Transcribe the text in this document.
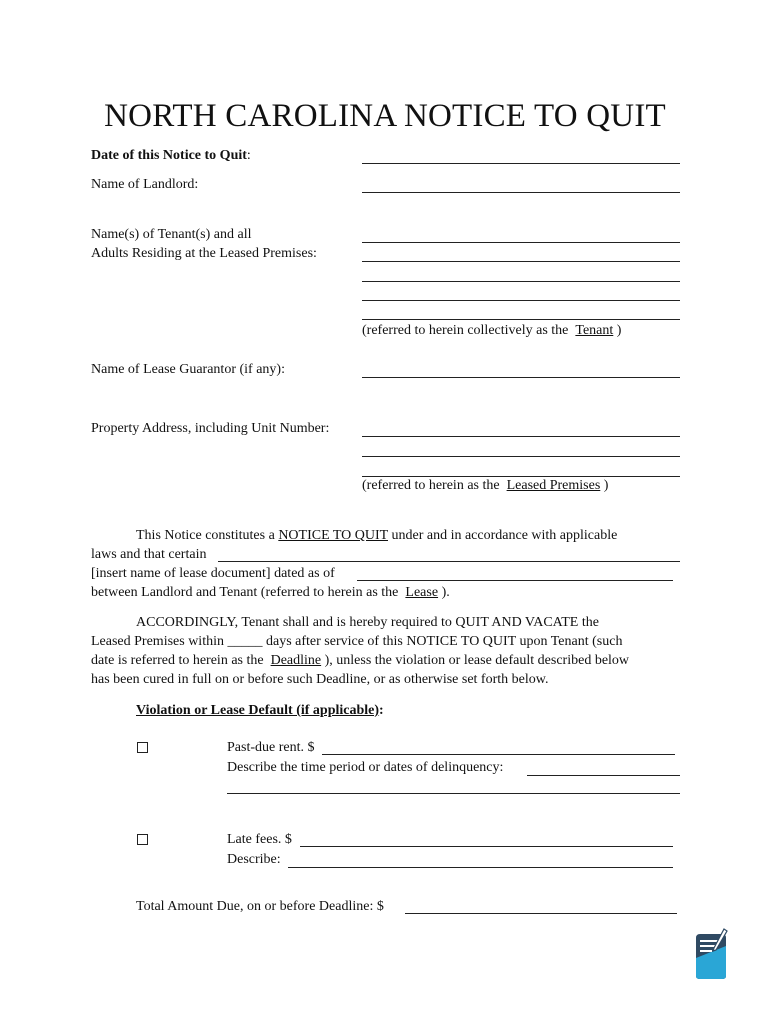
NORTH CAROLINA NOTICE TO QUIT
Date of this Notice to Quit:
Name of Landlord:
Name(s) of Tenant(s) and all
Adults Residing at the Leased Premises:
(referred to herein collectively as the  Tenant )
Name of Lease Guarantor (if any):
Property Address, including Unit Number:
(referred to herein as the  Leased Premises )
This Notice constitutes a NOTICE TO QUIT under and in accordance with applicable
laws and that certain
[insert name of lease document] dated as of
between Landlord and Tenant (referred to herein as the  Lease ).
ACCORDINGLY, Tenant shall and is hereby required to QUIT AND VACATE the
Leased Premises within _____ days after service of this NOTICE TO QUIT upon Tenant (such
date is referred to herein as the  Deadline ), unless the violation or lease default described below
has been cured in full on or before such Deadline, or as otherwise set forth below.
Violation or Lease Default (if applicable):
Past-due rent. $
Describe the time period or dates of delinquency:
Late fees. $
Describe:
Total Amount Due, on or before Deadline: $
